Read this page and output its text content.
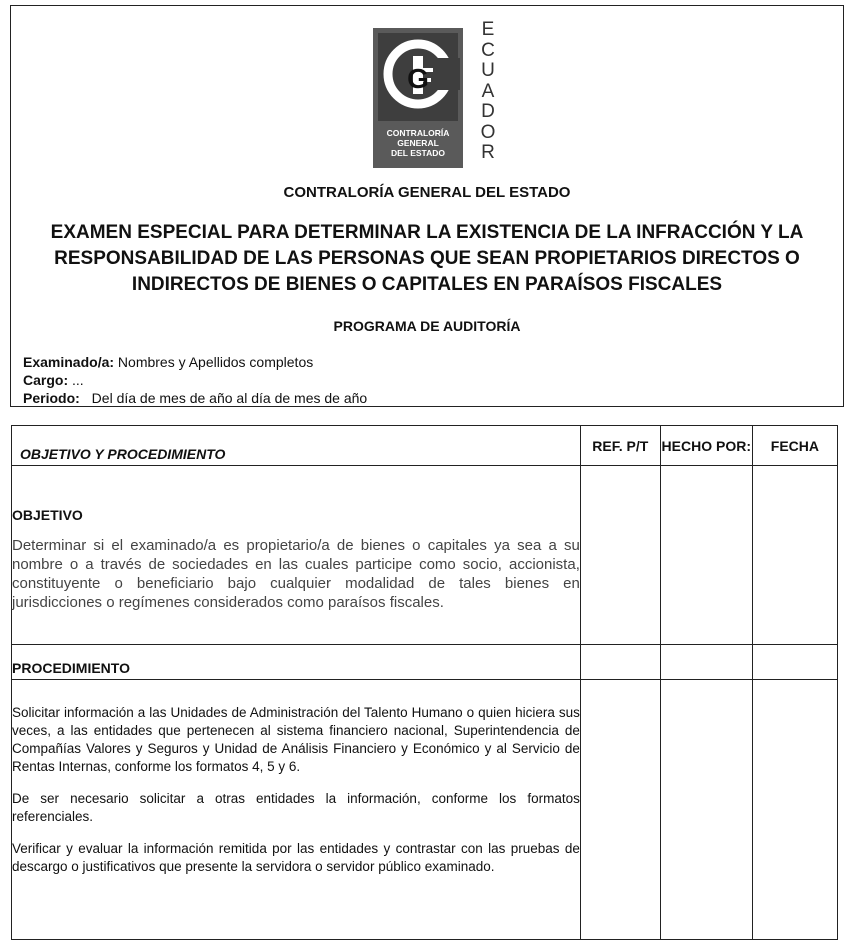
G
CONTRALORÍA
GENERAL
DEL ESTADO
E
C
U
A
D
O
R
CONTRALORÍA GENERAL DEL ESTADO
EXAMEN ESPECIAL PARA DETERMINAR LA EXISTENCIA DE LA INFRACCIÓN Y LA
RESPONSABILIDAD DE LAS PERSONAS QUE SEAN PROPIETARIOS DIRECTOS O
INDIRECTOS DE BIENES O CAPITALES EN PARAÍSOS FISCALES
PROGRAMA DE AUDITORÍA
Examinado/a: Nombres y Apellidos completos
Cargo: ...
Periodo: Del día de mes de año al día de mes de año
OBJETIVO Y PROCEDIMIENTO	REF. P/T	HECHO POR:	FECHA

OBJETIVO
Determinar si el examinado/a es propietario/a de bienes o capitales ya sea a su nombre o a través de sociedades en las cuales participe como socio, accionista, constituyente o beneficiario bajo cualquier modalidad de tales bienes en jurisdicciones o regímenes considerados como paraísos fiscales.			

PROCEDIMIENTO			

Solicitar información a las Unidades de Administración del Talento Humano o quien hiciera sus veces, a las entidades que pertenecen al sistema financiero nacional, Superintendencia de Compañías Valores y Seguros y Unidad de Análisis Financiero y Económico y al Servicio de Rentas Internas, conforme los formatos 4, 5 y 6.

De ser necesario solicitar a otras entidades la información, conforme los formatos referenciales.

Verificar y evaluar la información remitida por las entidades y contrastar con las pruebas de descargo o justificativos que presente la servidora o servidor público examinado.			
